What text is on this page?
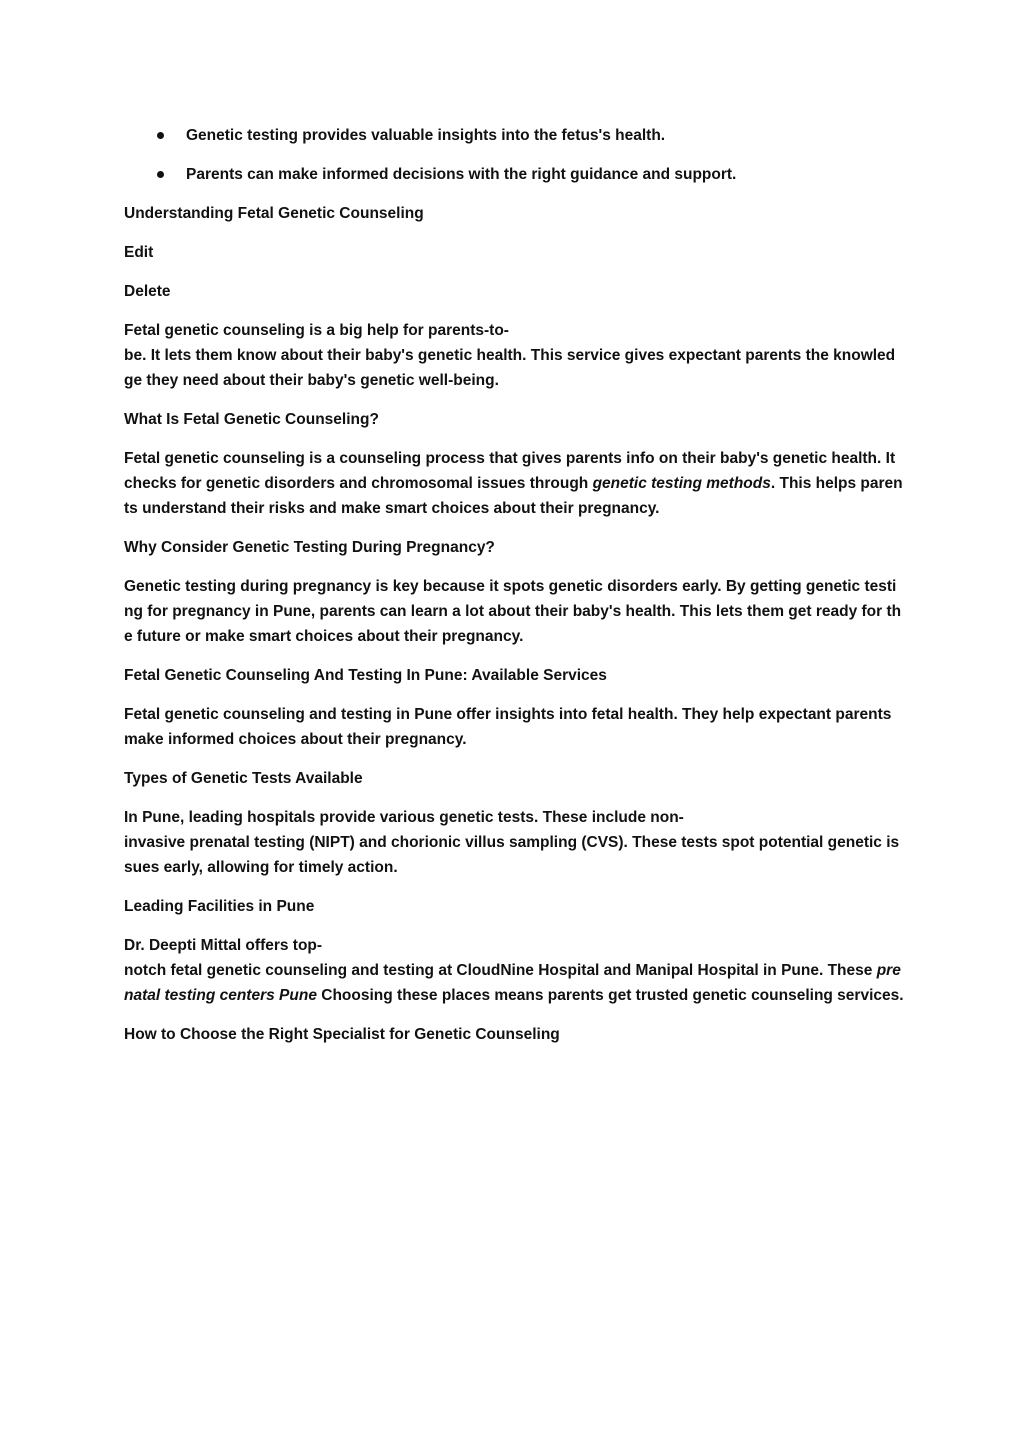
Genetic testing provides valuable insights into the fetus's health.
Parents can make informed decisions with the right guidance and support.

Understanding Fetal Genetic Counseling

Edit

Delete

Fetal genetic counseling is a big help for parents-to-
be. It lets them know about their baby's genetic health. This service gives expectant parents the knowledge they need about their baby's genetic well-being.

What Is Fetal Genetic Counseling?

Fetal genetic counseling is a counseling process that gives parents info on their baby's genetic health. It checks for genetic disorders and chromosomal issues through genetic testing methods. This helps parents understand their risks and make smart choices about their pregnancy.

Why Consider Genetic Testing During Pregnancy?

Genetic testing during pregnancy is key because it spots genetic disorders early. By getting genetic testing for pregnancy in Pune, parents can learn a lot about their baby's health. This lets them get ready for the future or make smart choices about their pregnancy.

Fetal Genetic Counseling And Testing In Pune: Available Services

Fetal genetic counseling and testing in Pune offer insights into fetal health. They help expectant parents make informed choices about their pregnancy.

Types of Genetic Tests Available

In Pune, leading hospitals provide various genetic tests. These include non-
invasive prenatal testing (NIPT) and chorionic villus sampling (CVS). These tests spot potential genetic issues early, allowing for timely action.

Leading Facilities in Pune

Dr. Deepti Mittal offers top-
notch fetal genetic counseling and testing at CloudNine Hospital and Manipal Hospital in Pune. These prenatal testing centers Pune Choosing these places means parents get trusted genetic counseling services.

How to Choose the Right Specialist for Genetic Counseling
